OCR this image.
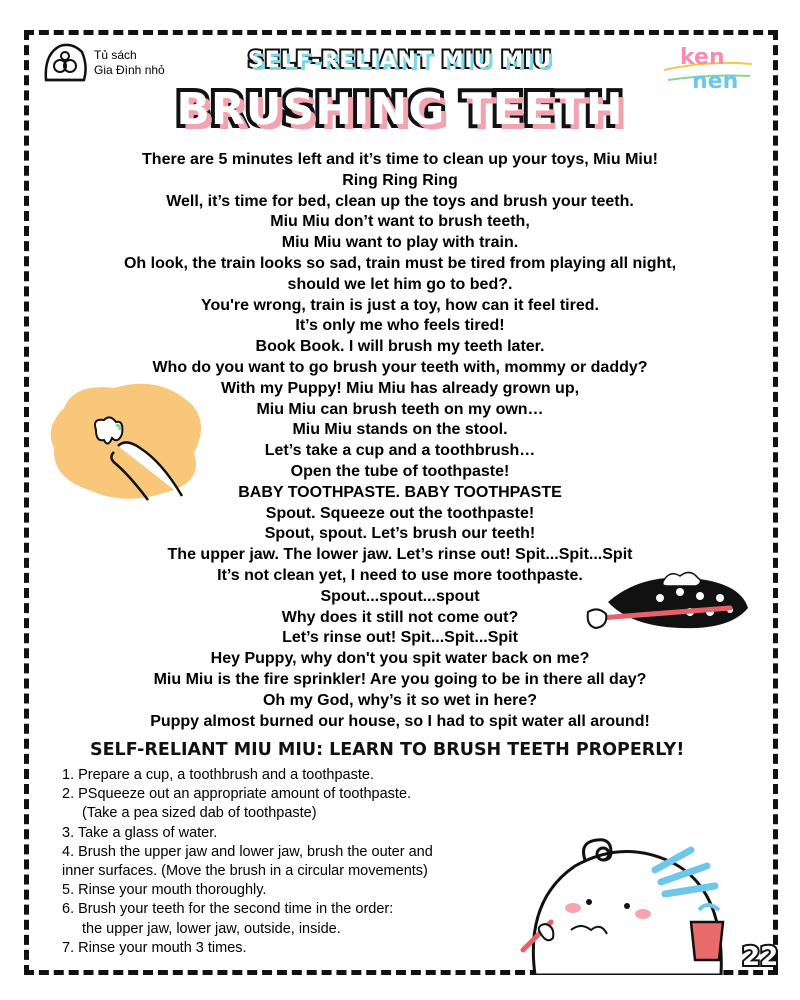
Tủ sách
Gia Đình nhỏ	ken
nen
SELF-RELIANT MIU MIU
BRUSHING TEETH
There are 5 minutes left and it’s time to clean up your toys, Miu Miu!
Ring Ring Ring
Well, it’s time for bed, clean up the toys and brush your teeth.
Miu Miu don’t want to brush teeth,
Miu Miu want to play with train.
Oh look, the train looks so sad, train must be tired from playing all night,
should we let him go to bed?.
You're wrong, train is just a toy, how can it feel tired.
It’s only me who feels tired!
Book Book. I will brush my teeth later.
Who do you want to go brush your teeth with, mommy or daddy?
With my Puppy! Miu Miu has already grown up,
Miu Miu can brush teeth on my own…
Miu Miu stands on the stool.
Let’s take a cup and a toothbrush…
Open the tube of toothpaste!
BABY TOOTHPASTE. BABY TOOTHPASTE
Spout. Squeeze out the toothpaste!
Spout, spout. Let’s brush our teeth!
The upper jaw. The lower jaw. Let’s rinse out! Spit...Spit...Spit
It’s not clean yet, I need to use more toothpaste.
Spout...spout...spout
Why does it still not come out?
Let’s rinse out! Spit...Spit...Spit
Hey Puppy, why don't you spit water back on me?
Miu Miu is the fire sprinkler! Are you going to be in there all day?
Oh my God, why’s it so wet in here?
Puppy almost burned our house, so I had to spit water all around!
SELF-RELIANT MIU MIU: LEARN TO BRUSH TEETH PROPERLY!
1. Prepare a cup, a toothbrush and a toothpaste.
2. PSqueeze out an appropriate amount of toothpaste.
(Take a pea sized dab of toothpaste)
3. Take a glass of water.
4. Brush the upper jaw and lower jaw, brush the outer and
inner surfaces. (Move the brush in a circular movements)
5. Rinse your mouth thoroughly.
6. Brush your teeth for the second time in the order:
the upper jaw, lower jaw, outside, inside.
7. Rinse your mouth 3 times.	22
